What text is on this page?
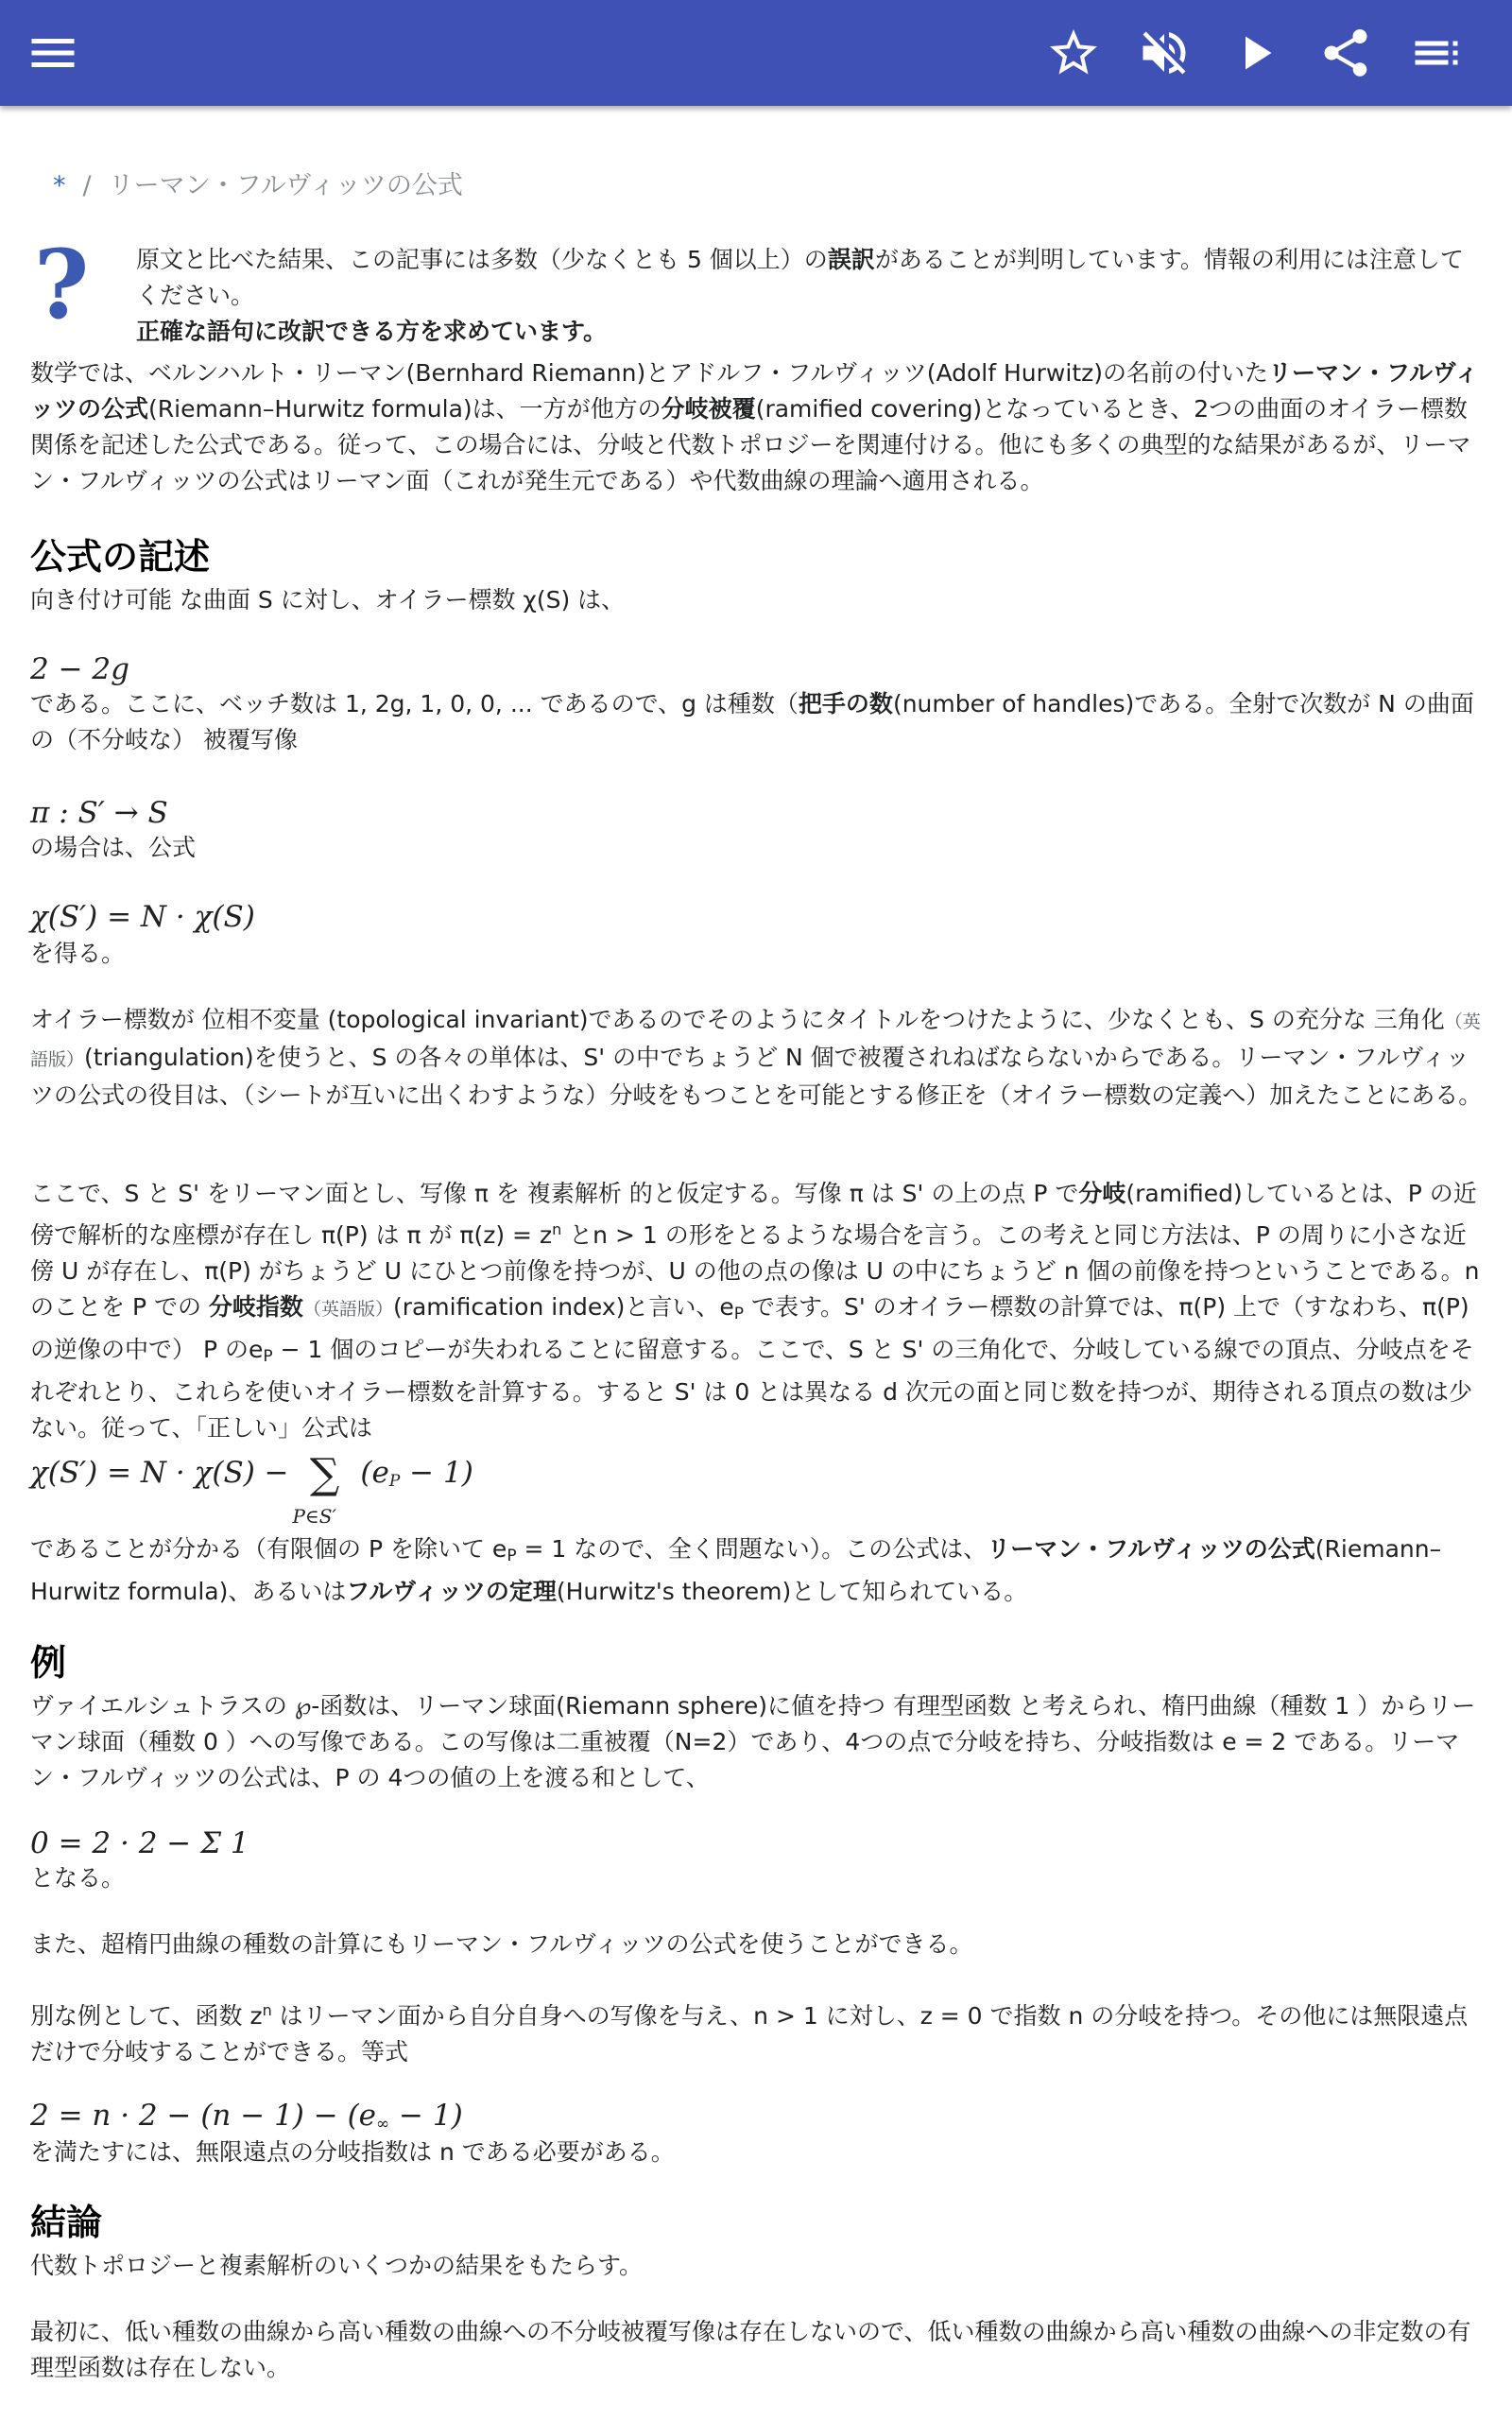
* / リーマン・フルヴィッツの公式
? 原文と比べた結果、この記事には多数（少なくとも 5 個以上）の誤訳があることが判明しています。情報の利用には注意してください。

正確な語句に改訳できる方を求めています。

数学では、ベルンハルト・リーマン(Bernhard Riemann)とアドルフ・フルヴィッツ(Adolf Hurwitz)の名前の付いたリーマン・フルヴィッツの公式(Riemann–Hurwitz formula)は、一方が他方の分岐被覆(ramified covering)となっているとき、2つの曲面のオイラー標数関係を記述した公式である。従って、この場合には、分岐と代数トポロジーを関連付ける。他にも多くの典型的な結果があるが、リーマン・フルヴィッツの公式はリーマン面（これが発生元である）や代数曲線の理論へ適用される。

公式の記述

向き付け可能 な曲面 S に対し、オイラー標数 χ(S) は、

2 − 2g

である。ここに、ベッチ数は 1, 2g, 1, 0, 0, ... であるので、g は種数（把手の数(number of handles)である。全射で次数が N の曲面の（不分岐な） 被覆写像

π : S′ → S

の場合は、公式

χ(S′) = N · χ(S)

を得る。

オイラー標数が 位相不変量 (topological invariant)であるのでそのようにタイトルをつけたように、少なくとも、S の充分な 三角化（英語版）(triangulation)を使うと、S の各々の単体は、S' の中でちょうど N 個で被覆されねばならないからである。リーマン・フルヴィッツの公式の役目は、（シートが互いに出くわすような）分岐をもつことを可能とする修正を（オイラー標数の定義へ）加えたことにある。

ここで、S と S' をリーマン面とし、写像 π を 複素解析 的と仮定する。写像 π は S' の上の点 P で分岐(ramified)しているとは、P の近傍で解析的な座標が存在し π(P) は π が $\pi(z) = z^n$ とn > 1 の形をとるような場合を言う。この考えと同じ方法は、P の周りに小さな近傍 U が存在し、π(P) がちょうど U にひとつ前像を持つが、U の他の点の像は U の中にちょうど n 個の前像を持つということである。n のことを P での 分岐指数（英語版）(ramification index)と言い、eP で表す。S' のオイラー標数の計算では、π(P) 上で（すなわち、π(P) の逆像の中で） P のeP − 1 個のコピーが失われることに留意する。ここで、S と S' の三角化で、分岐している線での頂点、分岐点をそれぞれとり、これらを使いオイラー標数を計算する。すると S' は 0 とは異なる d 次元の面と同じ数を持つが、期待される頂点の数は少ない。従って、「正しい」公式は

χ(S′) = N · χ(S) − ∑
P∈S′
(eP − 1)

であることが分かる（有限個の P を除いて eP = 1 なので、全く問題ない）。この公式は、リーマン・フルヴィッツの公式(Riemann–Hurwitz formula)、あるいはフルヴィッツの定理(Hurwitz's theorem)として知られている。

例

ヴァイエルシュトラスの ℘-函数は、リーマン球面(Riemann sphere)に値を持つ 有理型函数 と考えられ、楕円曲線（種数 1 ）からリーマン球面（種数 0 ）への写像である。この写像は二重被覆（N=2）であり、4つの点で分岐を持ち、分岐指数は e = 2 である。リーマン・フルヴィッツの公式は、P の 4つの値の上を渡る和として、

0 = 2 · 2 − Σ 1

となる。

また、超楕円曲線の種数の計算にもリーマン・フルヴィッツの公式を使うことができる。

別な例として、函数 $z^n$ はリーマン面から自分自身への写像を与え、n > 1 に対し、z = 0 で指数 n の分岐を持つ。その他には無限遠点だけで分岐することができる。等式

2 = n · 2 − (n − 1) − (e∞ − 1)

を満たすには、無限遠点の分岐指数は n である必要がある。

結論

代数トポロジーと複素解析のいくつかの結果をもたらす。

最初に、低い種数の曲線から高い種数の曲線への不分岐被覆写像は存在しないので、低い種数の曲線から高い種数の曲線への非定数の有理型函数は存在しない。
